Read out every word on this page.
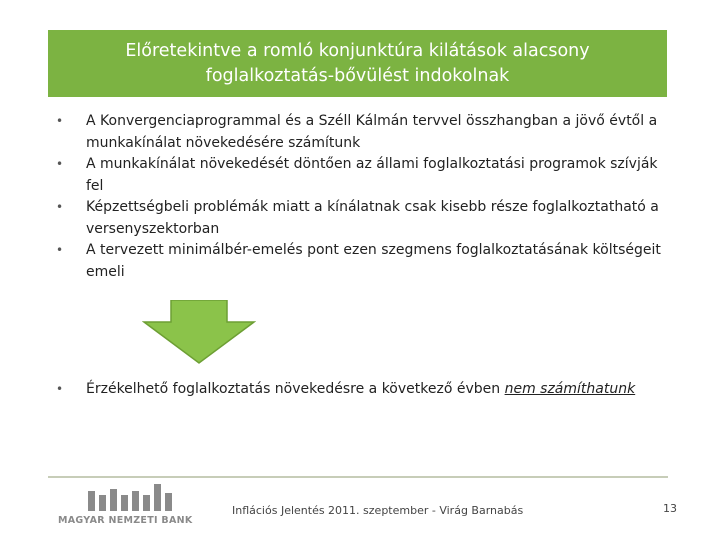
Előretekintve a romló konjunktúra kilátások alacsony
foglalkoztatás-bővülést indokolnak
• A Konvergenciaprogrammal és a Széll Kálmán tervvel összhangban a jövő évtől a munkakínálat növekedésére számítunk
• A munkakínálat növekedését döntően az állami foglalkoztatási programok szívják fel
• Képzettségbeli problémák miatt a kínálatnak csak kisebb része foglalkoztatható a versenyszektorban
• A tervezett minimálbér-emelés pont ezen szegmens foglalkoztatásának költségeit emeli
• Érzékelhető foglalkoztatás növekedésre a következő évben nem számíthatunk
MAGYAR NEMZETI BANK
Inflációs Jelentés 2011. szeptember - Virág Barnabás	13
